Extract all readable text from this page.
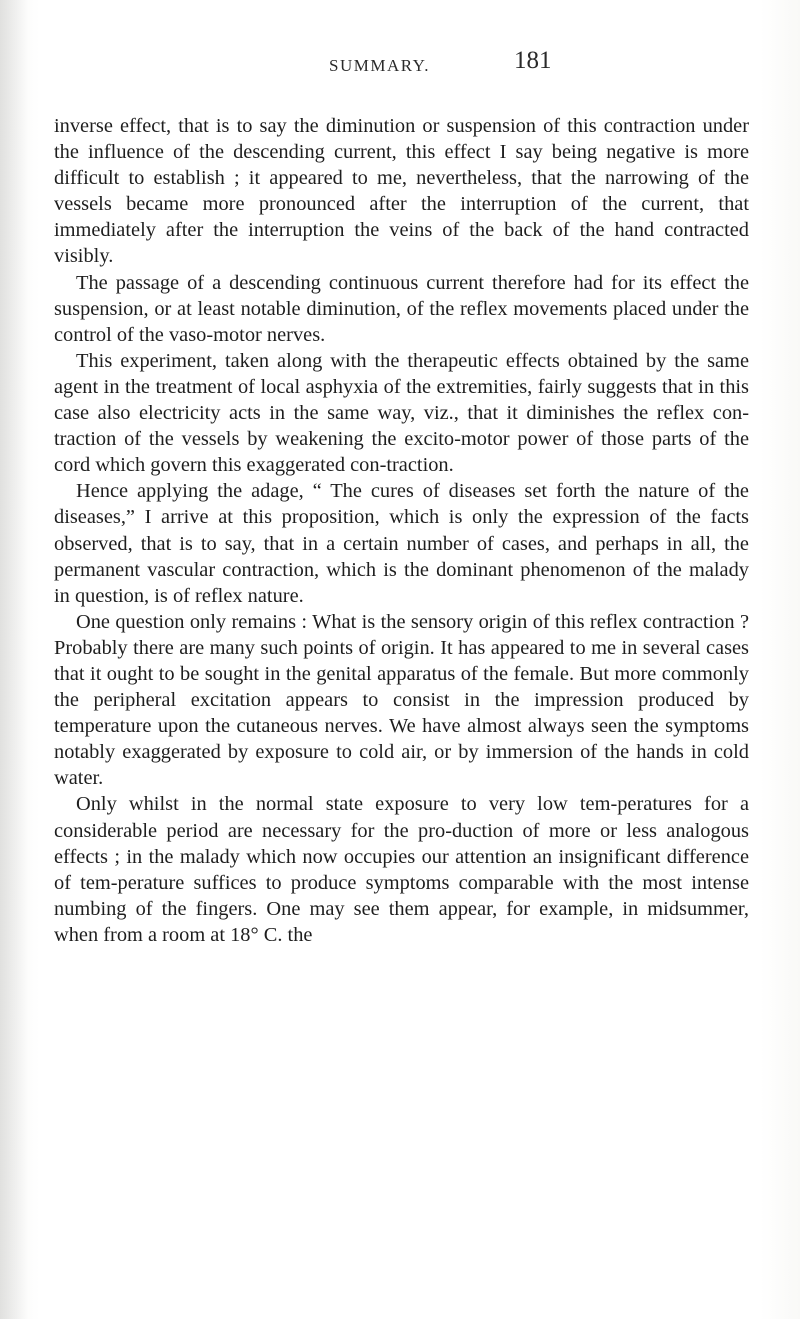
SUMMARY.	181

inverse effect, that is to say the diminution or suspension of this contraction under the influence of the descending current, this effect I say being negative is more difficult to establish ; it appeared to me, nevertheless, that the narrowing of the vessels became more pronounced after the interruption of the current, that immediately after the interruption the veins of the back of the hand contracted visibly.

The passage of a descending continuous current therefore had for its effect the suspension, or at least notable diminution, of the reflex movements placed under the control of the vaso-motor nerves.

This experiment, taken along with the therapeutic effects obtained by the same agent in the treatment of local asphyxia of the extremities, fairly suggests that in this case also electricity acts in the same way, viz., that it diminishes the reflex con-traction of the vessels by weakening the excito-motor power of those parts of the cord which govern this exaggerated con-traction.

Hence applying the adage, “ The cures of diseases set forth the nature of the diseases,” I arrive at this proposition, which is only the expression of the facts observed, that is to say, that in a certain number of cases, and perhaps in all, the permanent vascular contraction, which is the dominant phenomenon of the malady in question, is of reflex nature.

One question only remains : What is the sensory origin of this reflex contraction ? Probably there are many such points of origin. It has appeared to me in several cases that it ought to be sought in the genital apparatus of the female. But more commonly the peripheral excitation appears to consist in the impression produced by temperature upon the cutaneous nerves. We have almost always seen the symptoms notably exaggerated by exposure to cold air, or by immersion of the hands in cold water.

Only whilst in the normal state exposure to very low tem-peratures for a considerable period are necessary for the pro-duction of more or less analogous effects ; in the malady which now occupies our attention an insignificant difference of tem-perature suffices to produce symptoms comparable with the most intense numbing of the fingers. One may see them appear, for example, in midsummer, when from a room at 18° C. the
